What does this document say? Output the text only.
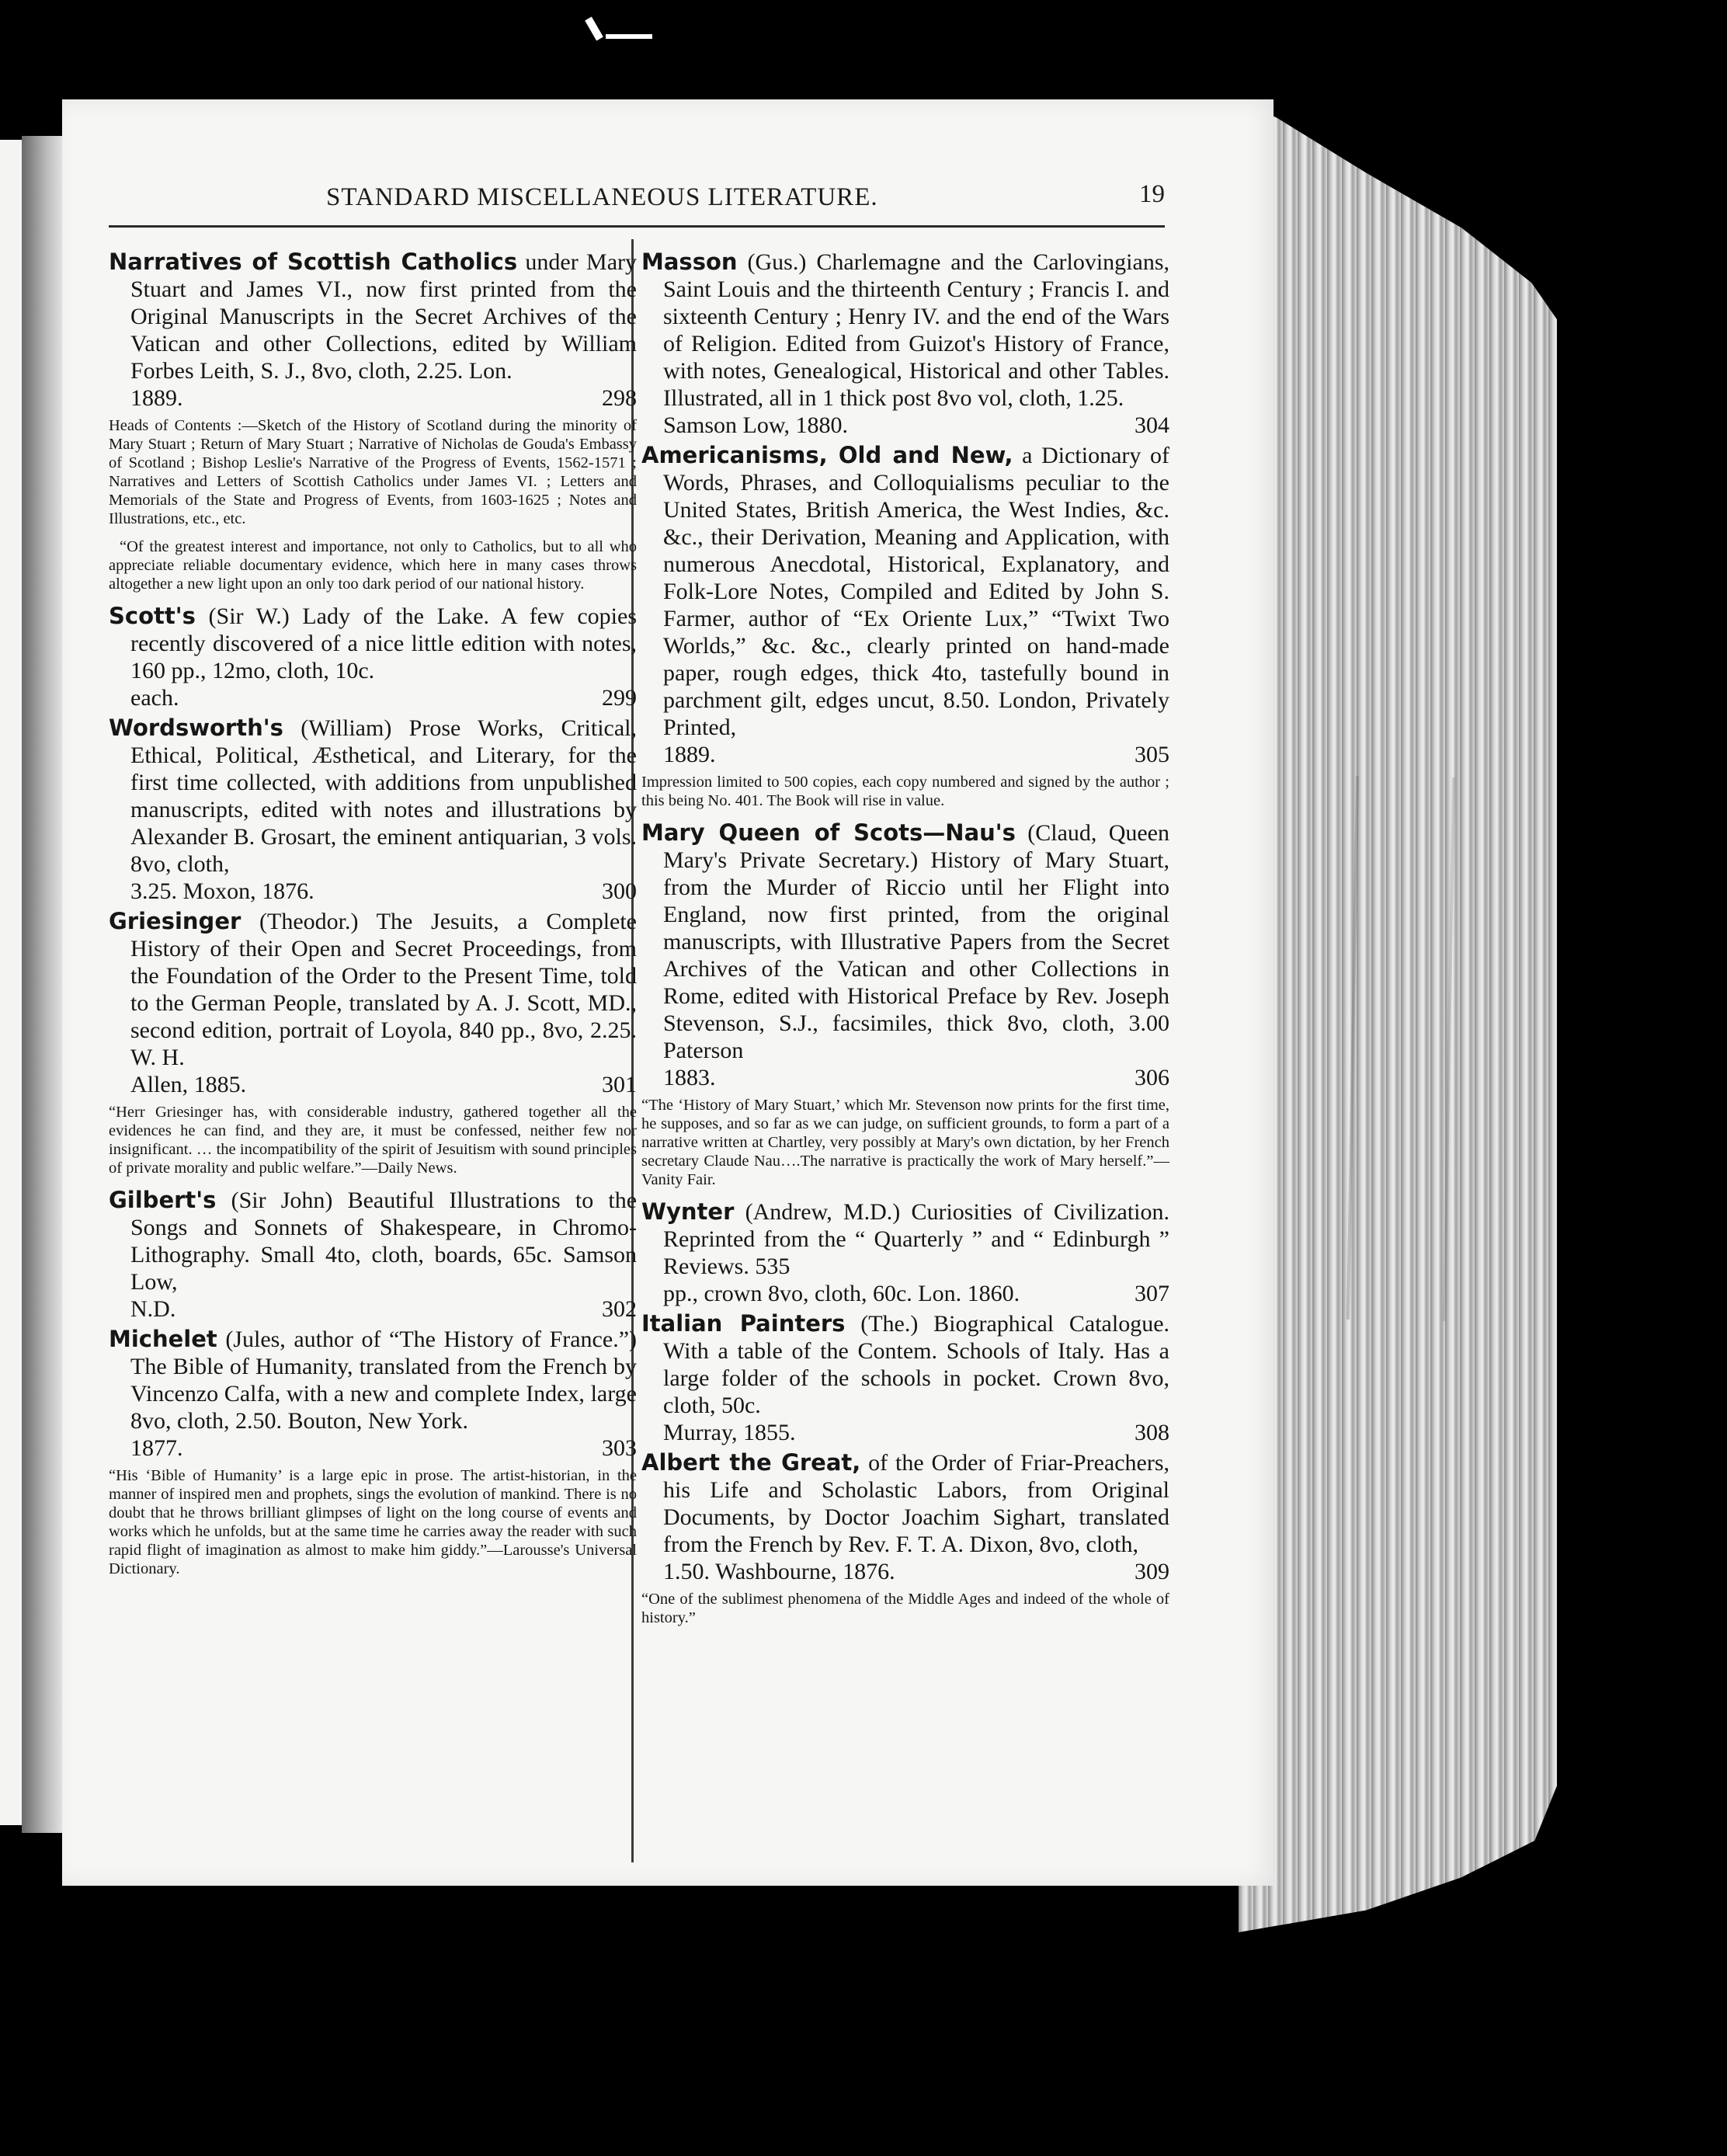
STANDARD MISCELLANEOUS LITERATURE.	19
Narratives of Scottish Catholics under Mary Stuart and James VI., now first printed from the Original Manuscripts in the Secret Archives of the Vatican and other Collections, edited by William Forbes Leith, S. J., 8vo, cloth, 2.25. Lon.
1889.	298
Heads of Contents :—Sketch of the History of Scotland during the minority of Mary Stuart ; Return of Mary Stuart ; Narrative of Nicholas de Gouda's Embassy of Scotland ; Bishop Leslie's Narrative of the Progress of Events, 1562-1571 ; Narratives and Letters of Scottish Catholics under James VI. ; Letters and Memorials of the State and Progress of Events, from 1603-1625 ; Notes and Illustrations, etc., etc.
“Of the greatest interest and importance, not only to Catholics, but to all who appreciate reliable documentary evidence, which here in many cases throws altogether a new light upon an only too dark period of our national history.
Scott's (Sir W.) Lady of the Lake. A few copies recently discovered of a nice little edition with notes, 160 pp., 12mo, cloth, 10c.
each.	299
Wordsworth's (William) Prose Works, Critical, Ethical, Political, Æsthetical, and Literary, for the first time collected, with additions from unpublished manuscripts, edited with notes and illustrations by Alexander B. Grosart, the eminent antiquarian, 3 vols. 8vo, cloth,
3.25. Moxon, 1876.	300
Griesinger (Theodor.) The Jesuits, a Complete History of their Open and Secret Proceedings, from the Foundation of the Order to the Present Time, told to the German People, translated by A. J. Scott, MD., second edition, portrait of Loyola, 840 pp., 8vo, 2.25. W. H.
Allen, 1885.	301
“Herr Griesinger has, with considerable industry, gathered together all the evidences he can find, and they are, it must be confessed, neither few nor insignificant. … the incompatibility of the spirit of Jesuitism with sound principles of private morality and public welfare.”—Daily News.
Gilbert's (Sir John) Beautiful Illustrations to the Songs and Sonnets of Shakespeare, in Chromo-Lithography. Small 4to, cloth, boards, 65c. Samson Low,
N.D.	302
Michelet (Jules, author of “The History of France.”) The Bible of Humanity, translated from the French by Vincenzo Calfa, with a new and complete Index, large 8vo, cloth, 2.50. Bouton, New York.
1877.	303
“His ‘Bible of Humanity’ is a large epic in prose. The artist-historian, in the manner of inspired men and prophets, sings the evolution of mankind. There is no doubt that he throws brilliant glimpses of light on the long course of events and works which he unfolds, but at the same time he carries away the reader with such rapid flight of imagination as almost to make him giddy.”—Larousse's Universal Dictionary.
Masson (Gus.) Charlemagne and the Carlovingians, Saint Louis and the thirteenth Century ; Francis I. and sixteenth Century ; Henry IV. and the end of the Wars of Religion. Edited from Guizot's History of France, with notes, Genealogical, Historical and other Tables. Illustrated, all in 1 thick post 8vo vol, cloth, 1.25.
Samson Low, 1880.	304
Americanisms, Old and New, a Dictionary of Words, Phrases, and Colloquialisms peculiar to the United States, British America, the West Indies, &c. &c., their Derivation, Meaning and Application, with numerous Anecdotal, Historical, Explanatory, and Folk-Lore Notes, Compiled and Edited by John S. Farmer, author of “Ex Oriente Lux,” “Twixt Two Worlds,” &c. &c., clearly printed on hand-made paper, rough edges, thick 4to, tastefully bound in parchment gilt, edges uncut, 8.50. London, Privately Printed,
1889.	305
Impression limited to 500 copies, each copy numbered and signed by the author ; this being No. 401. The Book will rise in value.
Mary Queen of Scots—Nau's (Claud, Queen Mary's Private Secretary.) History of Mary Stuart, from the Murder of Riccio until her Flight into England, now first printed, from the original manuscripts, with Illustrative Papers from the Secret Archives of the Vatican and other Collections in Rome, edited with Historical Preface by Rev. Joseph Stevenson, S.J., facsimiles, thick 8vo, cloth, 3.00 Paterson
1883.	306
“The ‘History of Mary Stuart,’ which Mr. Stevenson now prints for the first time, he supposes, and so far as we can judge, on sufficient grounds, to form a part of a narrative written at Chartley, very possibly at Mary's own dictation, by her French secretary Claude Nau….The narrative is practically the work of Mary herself.”—Vanity Fair.
Wynter (Andrew, M.D.) Curiosities of Civilization. Reprinted from the “ Quarterly ” and “ Edinburgh ” Reviews. 535
pp., crown 8vo, cloth, 60c. Lon. 1860.	307
Italian Painters (The.) Biographical Catalogue. With a table of the Contem. Schools of Italy. Has a large folder of the schools in pocket. Crown 8vo, cloth, 50c.
Murray, 1855.	308
Albert the Great, of the Order of Friar-Preachers, his Life and Scholastic Labors, from Original Documents, by Doctor Joachim Sighart, translated from the French by Rev. F. T. A. Dixon, 8vo, cloth,
1.50. Washbourne, 1876.	309
“One of the sublimest phenomena of the Middle Ages and indeed of the whole of history.”
